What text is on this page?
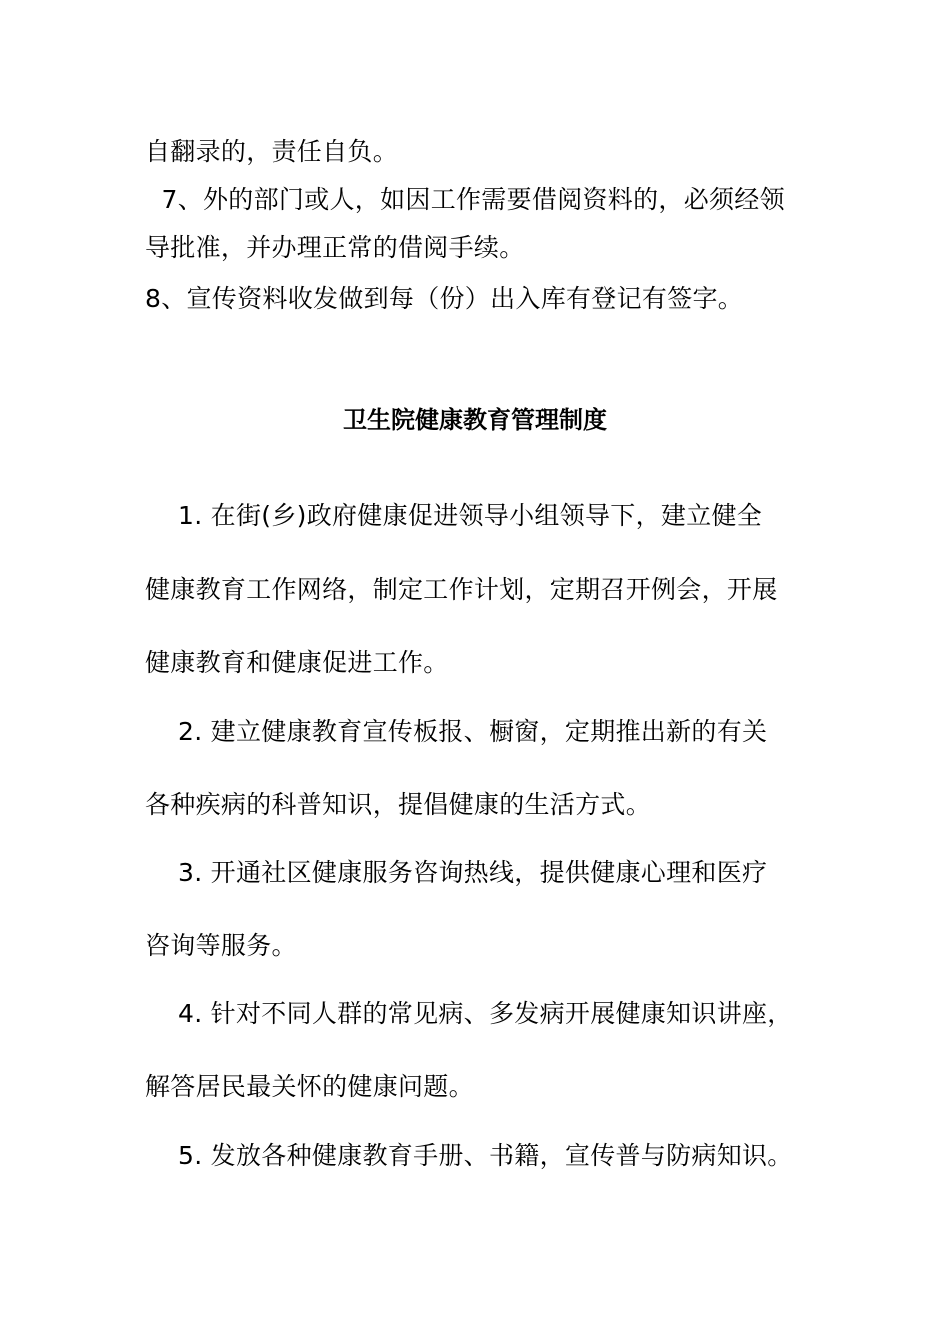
自翻录的，责任自负。
7、外的部门或人，如因工作需要借阅资料的，必须经领
导批准，并办理正常的借阅手续。
8、宣传资料收发做到每（份）出入库有登记有签字。
卫生院健康教育管理制度
1. 在街(乡)政府健康促进领导小组领导下，建立健全
健康教育工作网络，制定工作计划，定期召开例会，开展
健康教育和健康促进工作。
2. 建立健康教育宣传板报、橱窗，定期推出新的有关
各种疾病的科普知识，提倡健康的生活方式。
3. 开通社区健康服务咨询热线，提供健康心理和医疗
咨询等服务。
4. 针对不同人群的常见病、多发病开展健康知识讲座，
解答居民最关怀的健康问题。
5. 发放各种健康教育手册、书籍，宣传普与防病知识。
